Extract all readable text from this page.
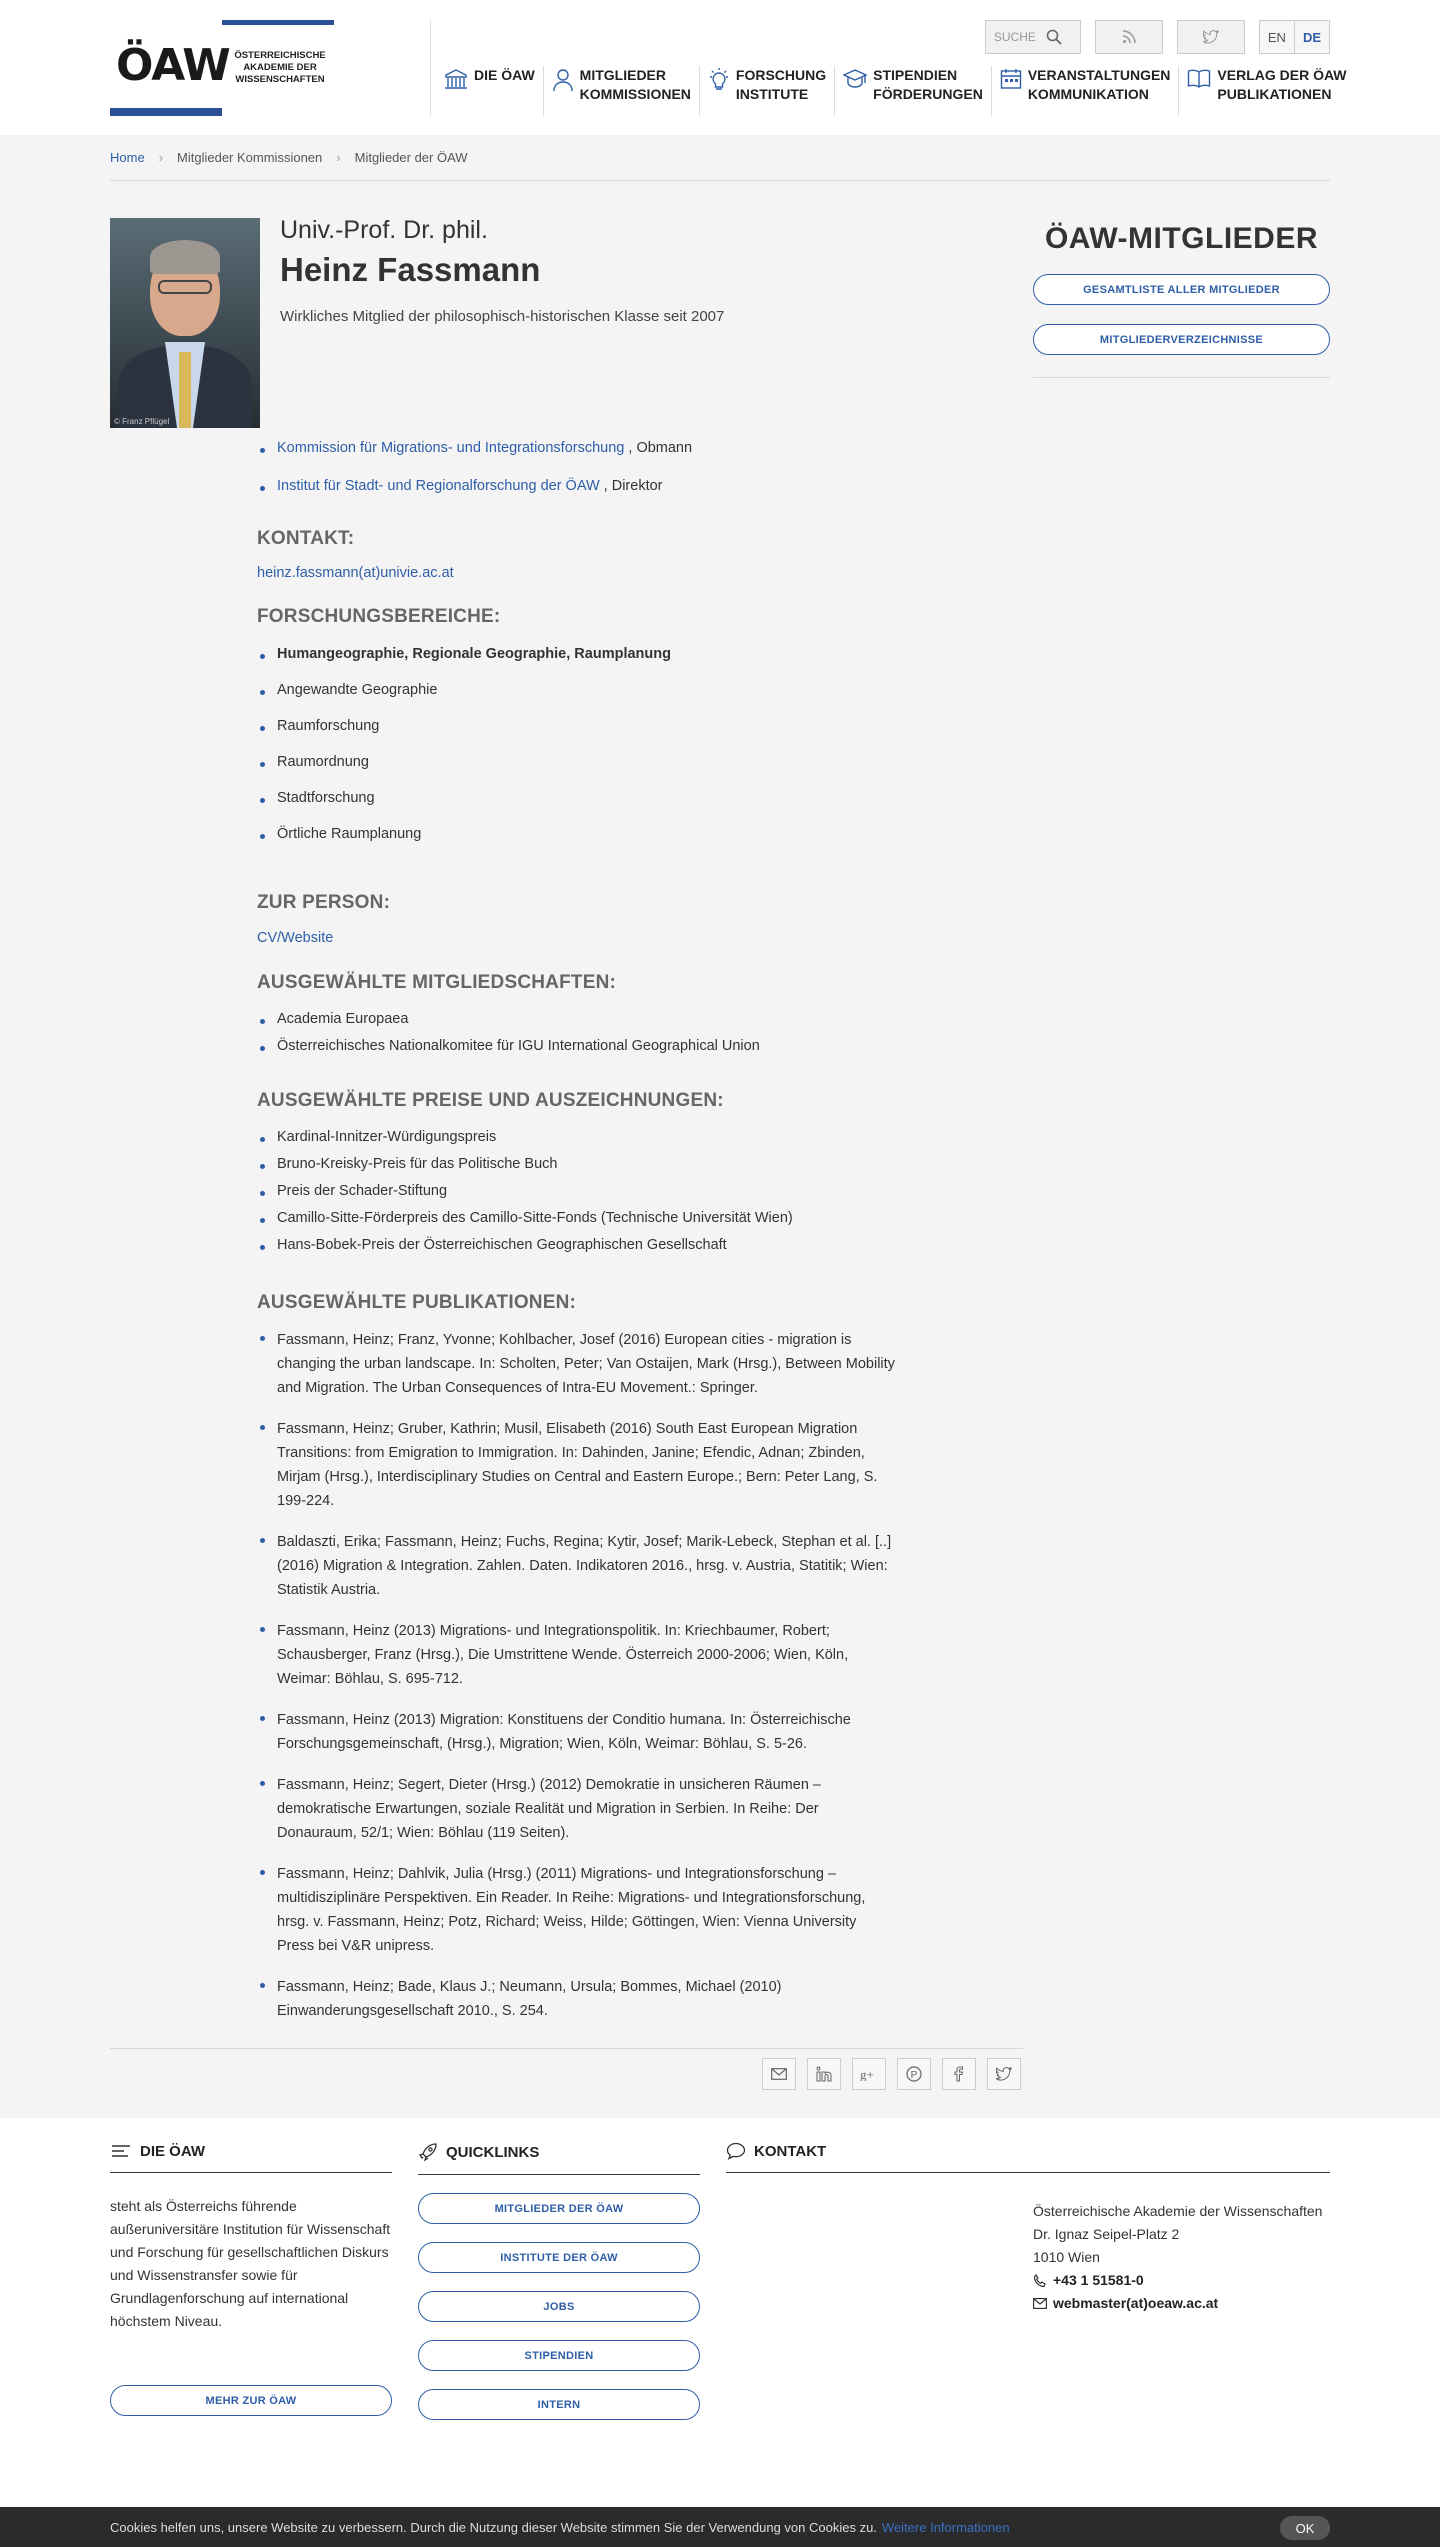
ÖAW ÖSTERREICHISCHE AKADEMIE DER WISSENSCHAFTEN
SUCHE	EN	DE
DIE ÖAW	MITGLIEDER
KOMMISSIONEN
FORSCHUNG
INSTITUTE
STIPENDIEN
FÖRDERUNGEN
VERANSTALTUNGEN
KOMMUNIKATION
VERLAG DER ÖAW
PUBLIKATIONEN
Home › Mitglieder Kommissionen › Mitglieder der ÖAW
© Franz Pflügel
Univ.-Prof. Dr. phil.
Heinz Fassmann
Wirkliches Mitglied der philosophisch-historischen Klasse seit 2007
Kommission für Migrations- und Integrationsforschung , Obmann
Institut für Stadt- und Regionalforschung der ÖAW , Direktor
KONTAKT:
heinz.fassmann(at)univie.ac.at
FORSCHUNGSBEREICHE:
Humangeographie, Regionale Geographie, Raumplanung
Angewandte Geographie
Raumforschung
Raumordnung
Stadtforschung
Örtliche Raumplanung
ZUR PERSON:
CV/Website
AUSGEWÄHLTE MITGLIEDSCHAFTEN:
Academia Europaea
Österreichisches Nationalkomitee für IGU International Geographical Union
AUSGEWÄHLTE PREISE UND AUSZEICHNUNGEN:
Kardinal-Innitzer-Würdigungspreis
Bruno-Kreisky-Preis für das Politische Buch
Preis der Schader-Stiftung
Camillo-Sitte-Förderpreis des Camillo-Sitte-Fonds (Technische Universität Wien)
Hans-Bobek-Preis der Österreichischen Geographischen Gesellschaft
AUSGEWÄHLTE PUBLIKATIONEN:
Fassmann, Heinz; Franz, Yvonne; Kohlbacher, Josef (2016) European cities - migration is changing the urban landscape. In: Scholten, Peter; Van Ostaijen, Mark (Hrsg.), Between Mobility and Migration. The Urban Consequences of Intra-EU Movement.: Springer.
Fassmann, Heinz; Gruber, Kathrin; Musil, Elisabeth (2016) South East European Migration Transitions: from Emigration to Immigration. In: Dahinden, Janine; Efendic, Adnan; Zbinden, Mirjam (Hrsg.), Interdisciplinary Studies on Central and Eastern Europe.; Bern: Peter Lang, S. 199-224.
Baldaszti, Erika; Fassmann, Heinz; Fuchs, Regina; Kytir, Josef; Marik-Lebeck, Stephan et al. [..] (2016) Migration & Integration. Zahlen. Daten. Indikatoren 2016., hrsg. v. Austria, Statitik; Wien: Statistik Austria.
Fassmann, Heinz (2013) Migrations- und Integrationspolitik. In: Kriechbaumer, Robert; Schausberger, Franz (Hrsg.), Die Umstrittene Wende. Österreich 2000-2006; Wien, Köln, Weimar: Böhlau, S. 695-712.
Fassmann, Heinz (2013) Migration: Konstituens der Conditio humana. In: Österreichische Forschungsgemeinschaft, (Hrsg.), Migration; Wien, Köln, Weimar: Böhlau, S. 5-26.
Fassmann, Heinz; Segert, Dieter (Hrsg.) (2012) Demokratie in unsicheren Räumen – demokratische Erwartungen, soziale Realität und Migration in Serbien. In Reihe: Der Donauraum, 52/1; Wien: Böhlau (119 Seiten).
Fassmann, Heinz; Dahlvik, Julia (Hrsg.) (2011) Migrations- und Integrationsforschung – multidisziplinäre Perspektiven. Ein Reader. In Reihe: Migrations- und Integrationsforschung, hrsg. v. Fassmann, Heinz; Potz, Richard; Weiss, Hilde; Göttingen, Wien: Vienna University Press bei V&R unipress.
Fassmann, Heinz; Bade, Klaus J.; Neumann, Ursula; Bommes, Michael (2010) Einwanderungsgesellschaft 2010., S. 254.
ÖAW-MITGLIEDER
GESAMTLISTE ALLER MITGLIEDER
MITGLIEDERVERZEICHNISSE
g+	P
DIE ÖAW

steht als Österreichs führende außeruniversitäre Institution für Wissenschaft und Forschung für gesellschaftlichen Diskurs und Wissenstransfer sowie für Grundlagenforschung auf international höchstem Niveau.

MEHR ZUR ÖAW
QUICKLINKS
MITGLIEDER DER ÖAW
INSTITUTE DER ÖAW
JOBS
STIPENDIEN
INTERN
KONTAKT
Österreichische Akademie der Wissenschaften
Dr. Ignaz Seipel-Platz 2
1010 Wien
+43 1 51581-0
webmaster(at)oeaw.ac.at
Cookies helfen uns, unsere Website zu verbessern. Durch die Nutzung dieser Website stimmen Sie der Verwendung von Cookies zu. Weitere Informationen	OK
